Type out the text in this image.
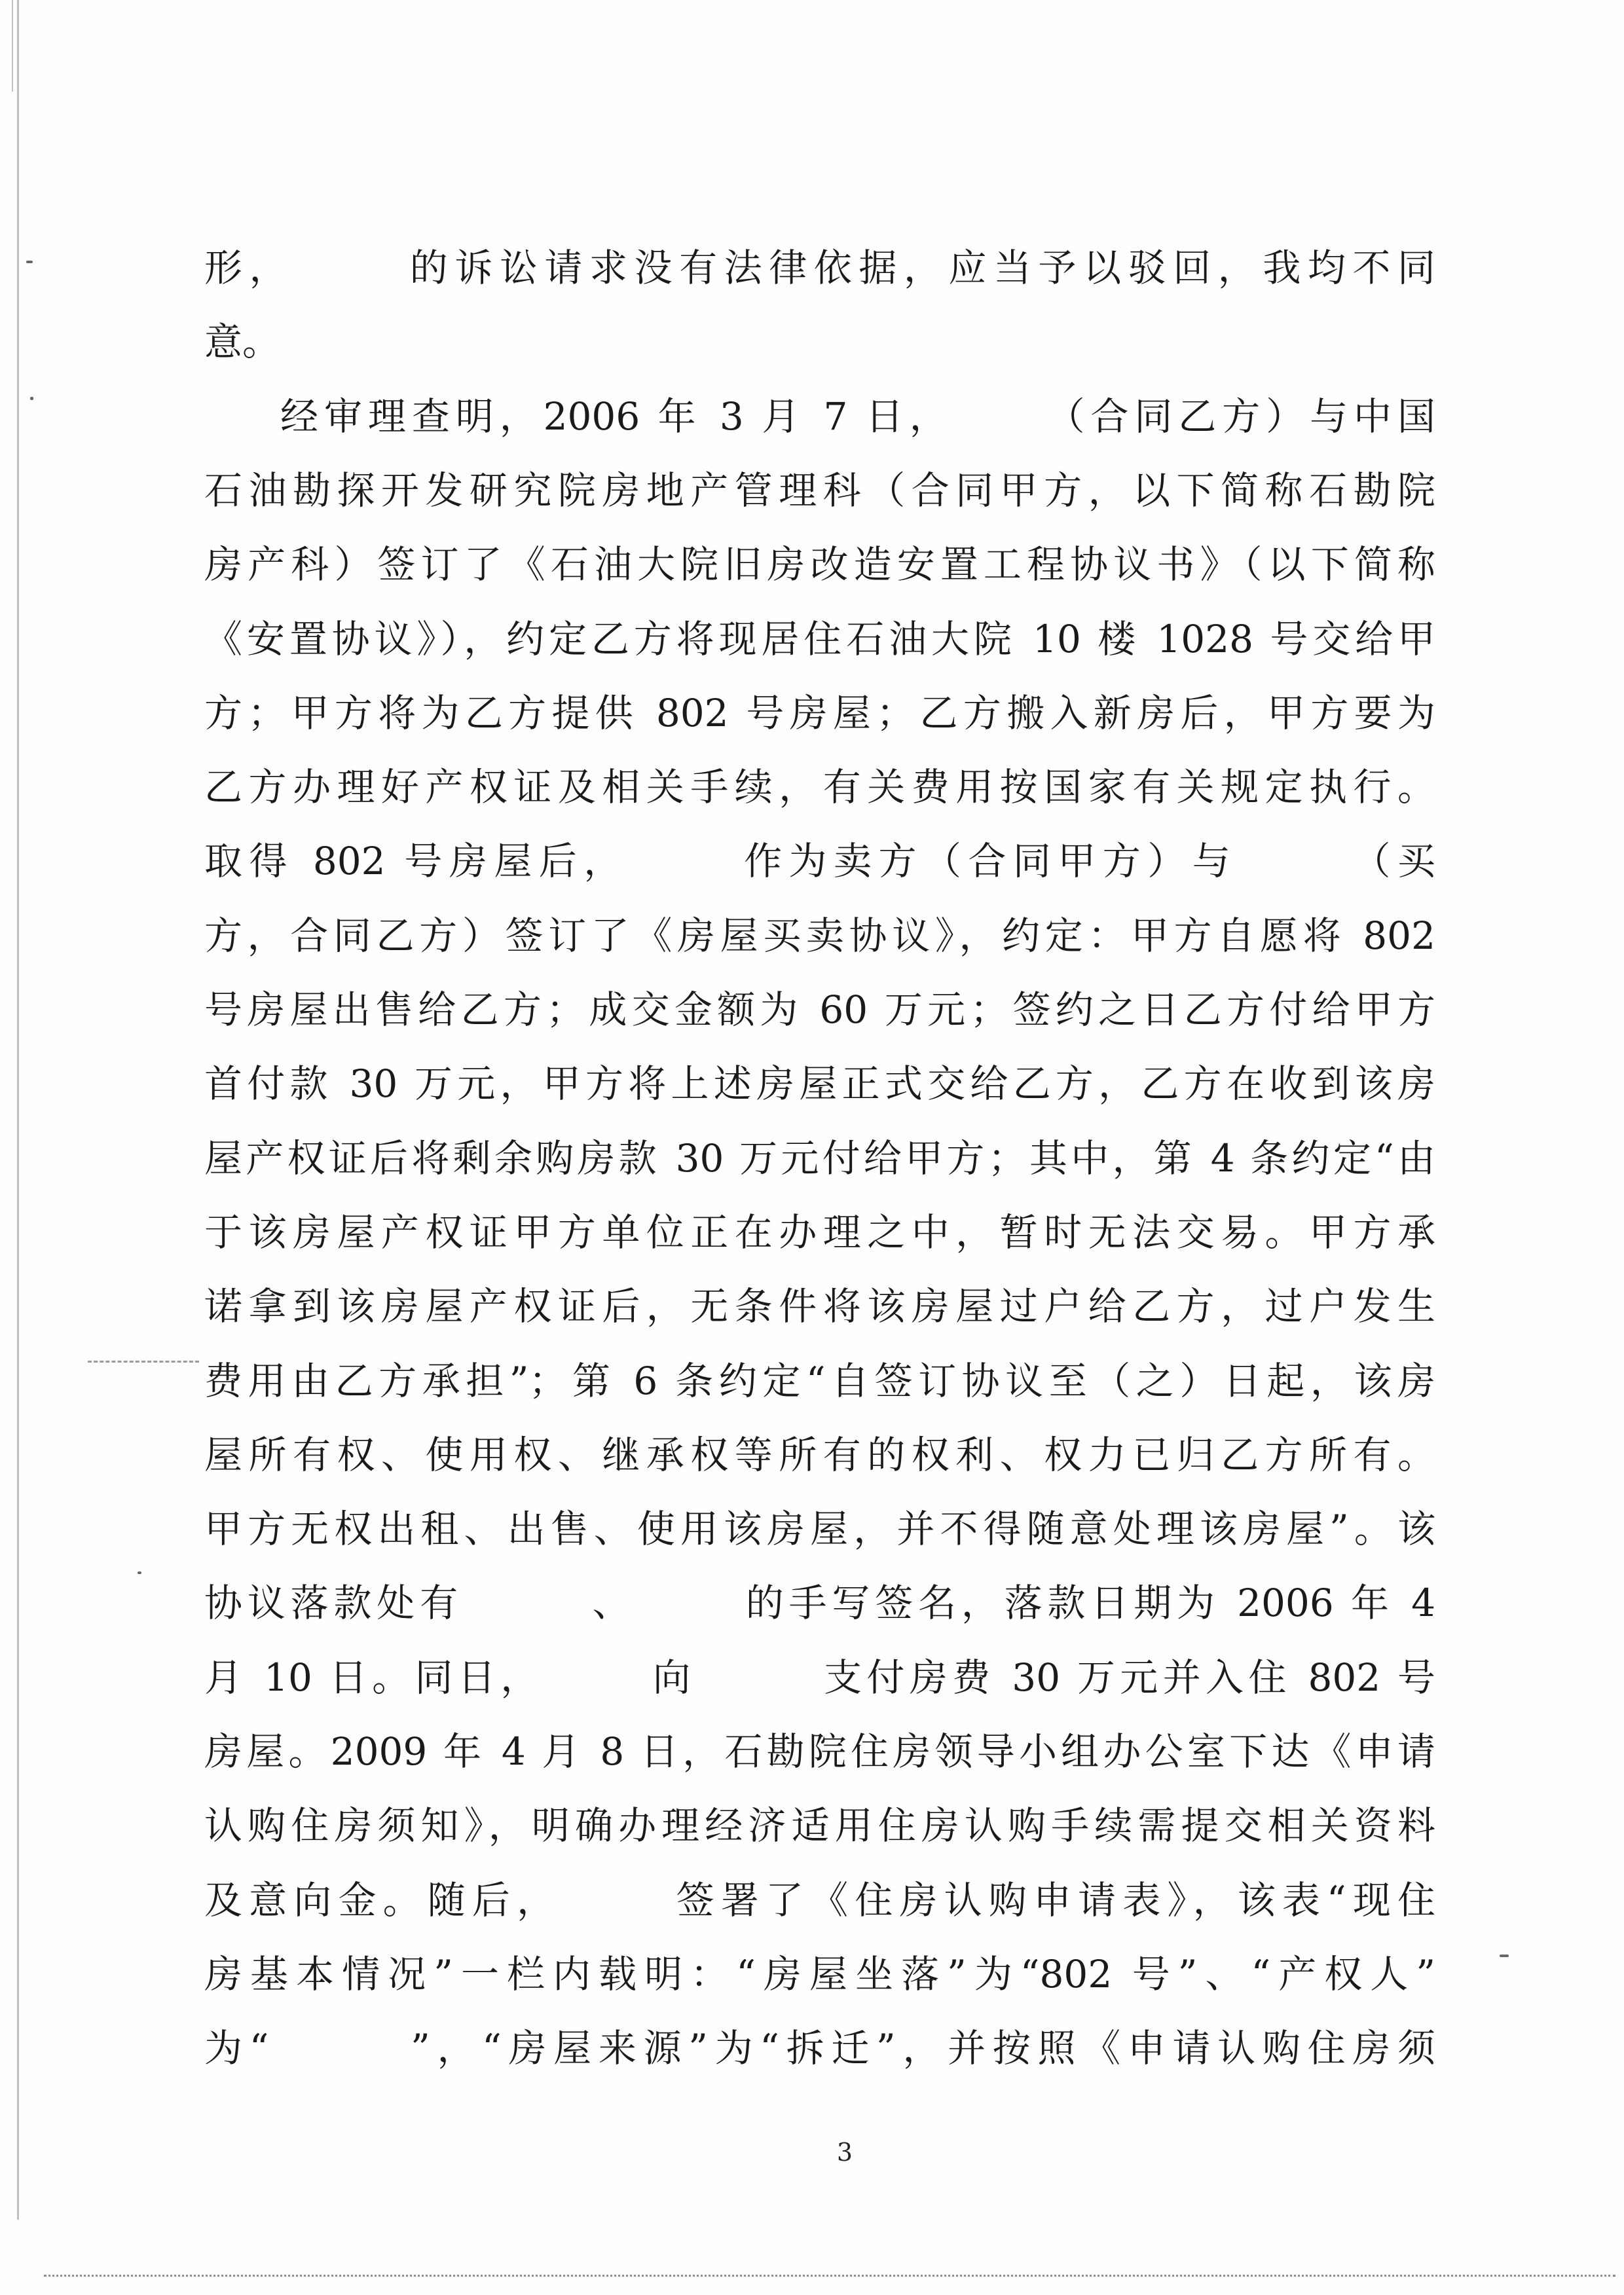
形，　　　的诉讼请求没有法律依据，应当予以驳回，我均不同
意。
经审理查明，2006 年 3 月 7 日，　　　（合同乙方）与中国
石油勘探开发研究院房地产管理科（合同甲方，以下简称石勘院
房产科）签订了《石油大院旧房改造安置工程协议书》（以下简称
《安置协议》），约定乙方将现居住石油大院 10 楼 1028 号交给甲
方；甲方将为乙方提供 802 号房屋；乙方搬入新房后，甲方要为
乙方办理好产权证及相关手续，有关费用按国家有关规定执行。
取得 802 号房屋后，　　　作为卖方（合同甲方）与　　　（买
方，合同乙方）签订了《房屋买卖协议》，约定：甲方自愿将 802
号房屋出售给乙方；成交金额为 60 万元；签约之日乙方付给甲方
首付款 30 万元，甲方将上述房屋正式交给乙方，乙方在收到该房
屋产权证后将剩余购房款 30 万元付给甲方；其中，第 4 条约定“由
于该房屋产权证甲方单位正在办理之中，暂时无法交易。甲方承
诺拿到该房屋产权证后，无条件将该房屋过户给乙方，过户发生
费用由乙方承担”；第 6 条约定“自签订协议至（之）日起，该房
屋所有权、使用权、继承权等所有的权利、权力已归乙方所有。
甲方无权出租、出售、使用该房屋，并不得随意处理该房屋”。该
协议落款处有　　　、　　　的手写签名，落款日期为 2006 年 4
月 10 日。同日，　　　向　　　支付房费 30 万元并入住 802 号
房屋。2009 年 4 月 8 日，石勘院住房领导小组办公室下达《申请
认购住房须知》，明确办理经济适用住房认购手续需提交相关资料
及意向金。随后，　　　签署了《住房认购申请表》，该表“现住
房基本情况”一栏内载明：“房屋坐落”为“802 号”、“产权人”
为“　　　”，“房屋来源”为“拆迁”，并按照《申请认购住房须
3
